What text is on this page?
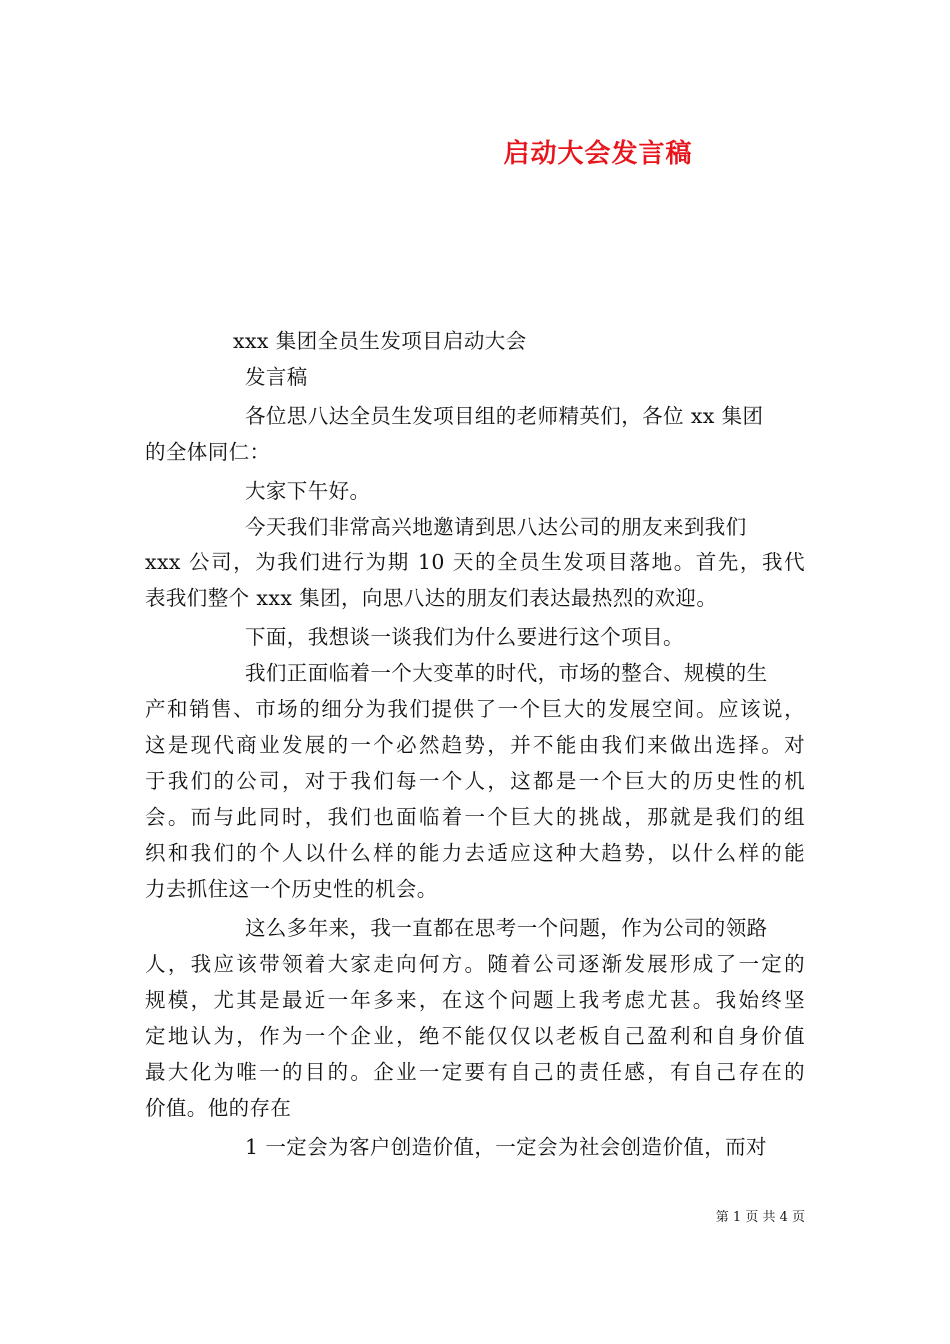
启动大会发言稿
xxx 集团全员生发项目启动大会
发言稿
各位思八达全员生发项目组的老师精英们，各位 xx 集团
的全体同仁：
大家下午好。
今天我们非常高兴地邀请到思八达公司的朋友来到我们
xxx 公司，为我们进行为期 10 天的全员生发项目落地。首先，我代
表我们整个 xxx 集团，向思八达的朋友们表达最热烈的欢迎。
下面，我想谈一谈我们为什么要进行这个项目。
我们正面临着一个大变革的时代，市场的整合、规模的生
产和销售、市场的细分为我们提供了一个巨大的发展空间。应该说，
这是现代商业发展的一个必然趋势，并不能由我们来做出选择。对
于我们的公司，对于我们每一个人，这都是一个巨大的历史性的机
会。而与此同时，我们也面临着一个巨大的挑战，那就是我们的组
织和我们的个人以什么样的能力去适应这种大趋势，以什么样的能
力去抓住这一个历史性的机会。
这么多年来，我一直都在思考一个问题，作为公司的领路
人，我应该带领着大家走向何方。随着公司逐渐发展形成了一定的
规模，尤其是最近一年多来，在这个问题上我考虑尤甚。我始终坚
定地认为，作为一个企业，绝不能仅仅以老板自己盈利和自身价值
最大化为唯一的目的。企业一定要有自己的责任感，有自己存在的
价值。他的存在
1 一定会为客户创造价值，一定会为社会创造价值，而对
第 1 页 共 4 页
